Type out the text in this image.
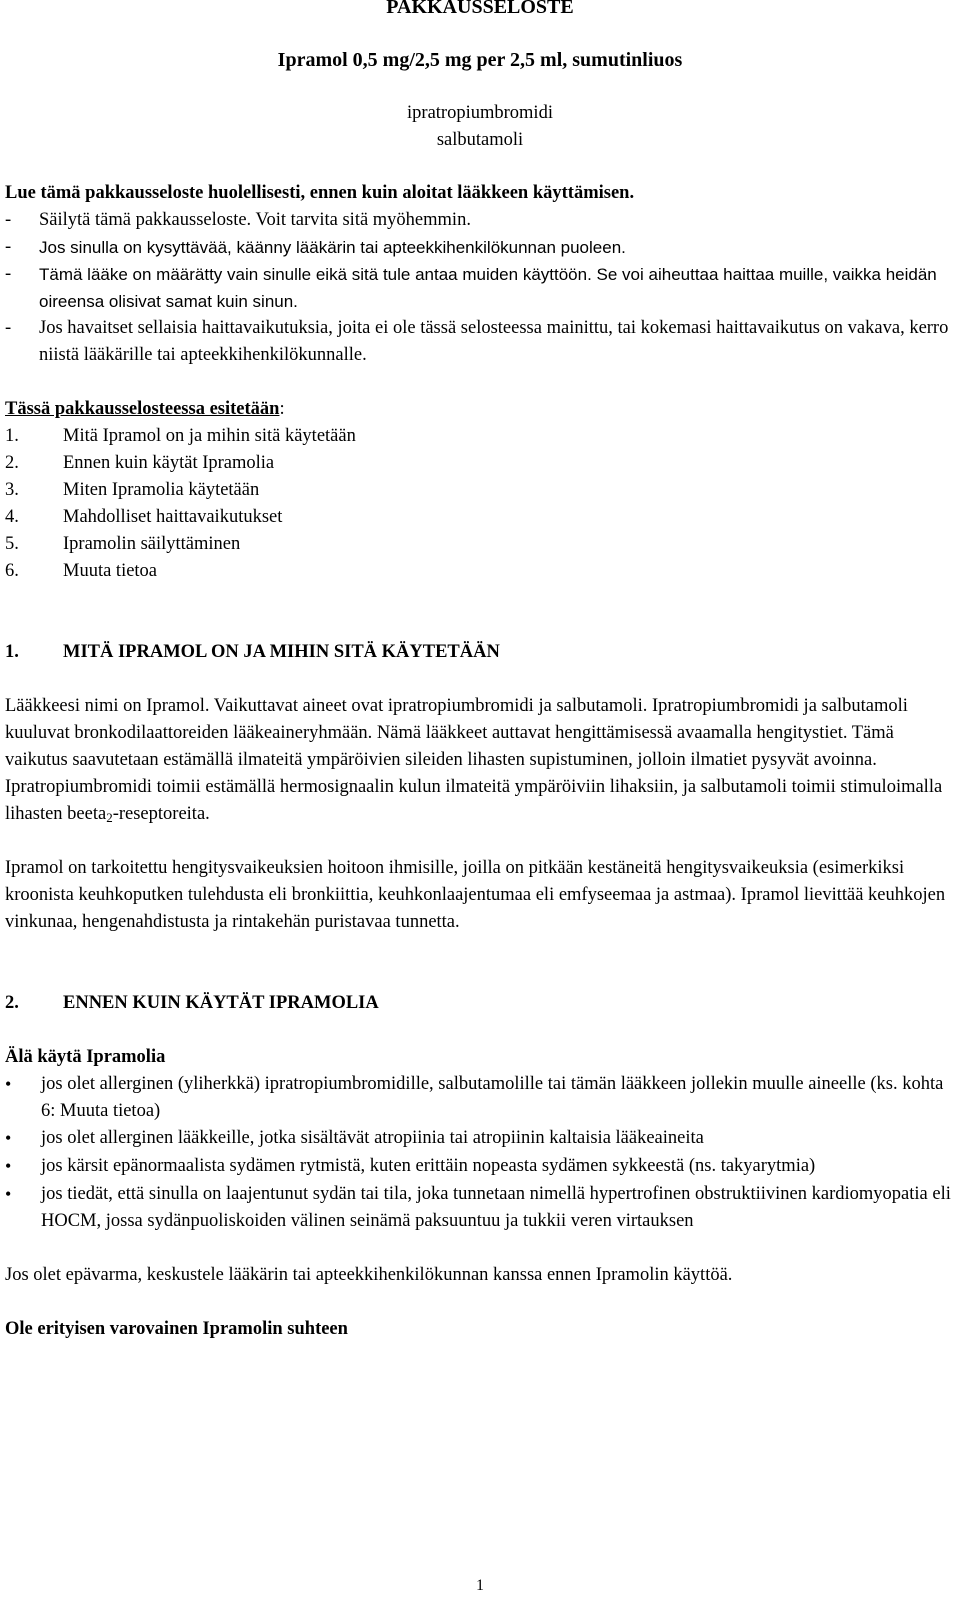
PAKKAUSSELOSTE

Ipramol 0,5 mg/2,5 mg per 2,5 ml, sumutinliuos

ipratropiumbromidi

salbutamoli

Lue tämä pakkausseloste huolellisesti, ennen kuin aloitat lääkkeen käyttämisen.

-	Säilytä tämä pakkausseloste. Voit tarvita sitä myöhemmin.
-	Jos sinulla on kysyttävää, käänny lääkärin tai apteekkihenkilökunnan puoleen.
-	Tämä lääke on määrätty vain sinulle eikä sitä tule antaa muiden käyttöön. Se voi aiheuttaa haittaa muille, vaikka heidän oireensa olisivat samat kuin sinun.
-	Jos havaitset sellaisia haittavaikutuksia, joita ei ole tässä selosteessa mainittu, tai kokemasi haittavaikutus on vakava, kerro niistä lääkärille tai apteekkihenkilökunnalle.

Tässä pakkausselosteessa esitetään:

1.	Mitä Ipramol on ja mihin sitä käytetään
2.	Ennen kuin käytät Ipramolia
3.	Miten Ipramolia käytetään
4.	Mahdolliset haittavaikutukset
5.	Ipramolin säilyttäminen
6.	Muuta tietoa
1.	MITÄ IPRAMOL ON JA MIHIN SITÄ KÄYTETÄÄN

Lääkkeesi nimi on Ipramol. Vaikuttavat aineet ovat ipratropiumbromidi ja salbutamoli. Ipratropiumbromidi ja salbutamoli kuuluvat bronkodilaattoreiden lääkeaineryhmään. Nämä lääkkeet auttavat hengittämisessä avaamalla hengitystiet. Tämä vaikutus saavutetaan estämällä ilmateitä ympäröivien sileiden lihasten supistuminen, jolloin ilmatiet pysyvät avoinna. Ipratropiumbromidi toimii estämällä hermosignaalin kulun ilmateitä ympäröiviin lihaksiin, ja salbutamoli toimii stimuloimalla lihasten beeta$_2$-reseptoreita.

Ipramol on tarkoitettu hengitysvaikeuksien hoitoon ihmisille, joilla on pitkään kestäneitä hengitysvaikeuksia (esimerkiksi kroonista keuhkoputken tulehdusta eli bronkiittia, keuhkonlaajentumaa eli emfyseemaa ja astmaa). Ipramol lievittää keuhkojen vinkunaa, hengenahdistusta ja rintakehän puristavaa tunnetta.

2.	ENNEN KUIN KÄYTÄT IPRAMOLIA

Älä käytä Ipramolia

•
jos olet allerginen (yliherkkä) ipratropiumbromidille, salbutamolille tai tämän lääkkeen jollekin muulle aineelle (ks. kohta 6: Muuta tietoa)
•
jos olet allerginen lääkkeille, jotka sisältävät atropiinia tai atropiinin kaltaisia lääkeaineita
•
jos kärsit epänormaalista sydämen rytmistä, kuten erittäin nopeasta sydämen sykkeestä (ns. takyarytmia)
•
jos tiedät, että sinulla on laajentunut sydän tai tila, joka tunnetaan nimellä hypertrofinen obstruktiivinen kardiomyopatia eli HOCM, jossa sydänpuoliskoiden välinen seinämä paksuuntuu ja tukkii veren virtauksen

Jos olet epävarma, keskustele lääkärin tai apteekkihenkilökunnan kanssa ennen Ipramolin käyttöä.

Ole erityisen varovainen Ipramolin suhteen

1
